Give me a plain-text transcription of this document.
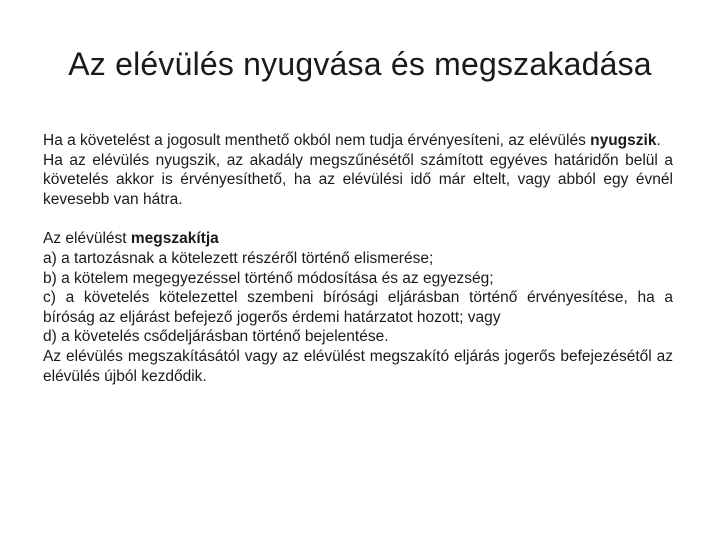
Az elévülés nyugvása és megszakadása

Ha a követelést a jogosult menthető okból nem tudja érvényesíteni, az elévülés nyugszik.

Ha az elévülés nyugszik, az akadály megszűnésétől számított egyéves határidőn belül a követelés akkor is érvényesíthető, ha az elévülési idő már eltelt, vagy abból egy évnél kevesebb van hátra.

Az elévülést megszakítja

a) a tartozásnak a kötelezett részéről történő elismerése;

b) a kötelem megegyezéssel történő módosítása és az egyezség;

c) a követelés kötelezettel szembeni bírósági eljárásban történő érvényesítése, ha a bíróság az eljárást befejező jogerős érdemi határzatot hozott; vagy

d) a követelés csődeljárásban történő bejelentése.

Az elévülés megszakításától vagy az elévülést megszakító eljárás jogerős befejezésétől az elévülés újból kezdődik.
